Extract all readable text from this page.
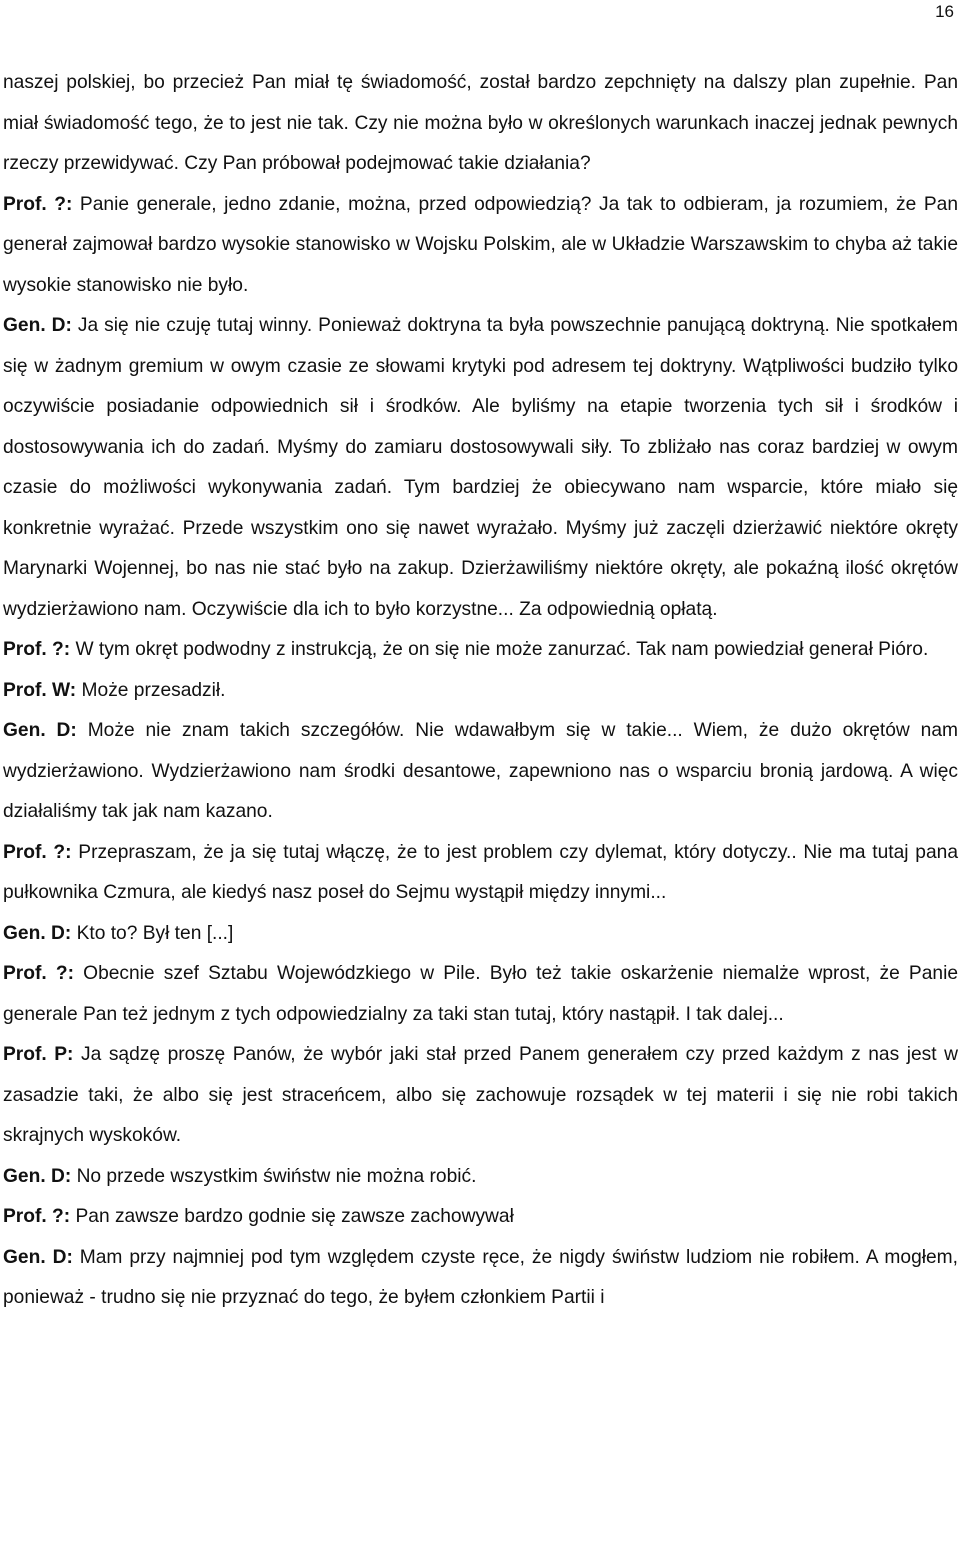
16

naszej polskiej, bo przecież Pan miał tę świadomość, został bardzo zepchnięty na dalszy plan zupełnie. Pan miał świadomość tego, że to jest nie tak. Czy nie można było w określonych warunkach inaczej jednak pewnych rzeczy przewidywać. Czy Pan próbował podejmować takie działania?

Prof. ?: Panie generale, jedno zdanie, można, przed odpowiedzią? Ja tak to odbieram, ja rozumiem, że Pan generał zajmował bardzo wysokie stanowisko w Wojsku Polskim, ale w Układzie Warszawskim to chyba aż takie wysokie stanowisko nie było.

Gen. D: Ja się nie czuję tutaj winny. Ponieważ doktryna ta była powszechnie panującą doktryną. Nie spotkałem się w żadnym gremium w owym czasie ze słowami krytyki pod adresem tej doktryny. Wątpliwości budziło tylko oczywiście posiadanie odpowiednich sił i środków. Ale byliśmy na etapie tworzenia tych sił i środków i dostosowywania ich do zadań. Myśmy do zamiaru dostosowywali siły. To zbliżało nas coraz bardziej w owym czasie do możliwości wykonywania zadań. Tym bardziej że obiecywano nam wsparcie, które miało się konkretnie wyrażać. Przede wszystkim ono się nawet wyrażało. Myśmy już zaczęli dzierżawić niektóre okręty Marynarki Wojennej, bo nas nie stać było na zakup. Dzierżawiliśmy niektóre okręty, ale pokaźną ilość okrętów wydzierżawiono nam. Oczywiście dla ich to było korzystne... Za odpowiednią opłatą.

Prof. ?: W tym okręt podwodny z instrukcją, że on się nie może zanurzać. Tak nam powiedział generał Pióro.

Prof. W: Może przesadził.

Gen. D: Może nie znam takich szczegółów. Nie wdawałbym się w takie... Wiem, że dużo okrętów nam wydzierżawiono. Wydzierżawiono nam środki desantowe, zapewniono nas o wsparciu bronią jardową. A więc działaliśmy tak jak nam kazano.

Prof. ?: Przepraszam, że ja się tutaj włączę, że to jest problem czy dylemat, który dotyczy.. Nie ma tutaj pana pułkownika Czmura, ale kiedyś nasz poseł do Sejmu wystąpił między innymi...

Gen. D: Kto to? Był ten [...]

Prof. ?: Obecnie szef Sztabu Wojewódzkiego w Pile. Było też takie oskarżenie niemalże wprost, że Panie generale Pan też jednym z tych odpowiedzialny za taki stan tutaj, który nastąpił. I tak dalej...

Prof. P: Ja sądzę proszę Panów, że wybór jaki stał przed Panem generałem czy przed każdym z nas jest w zasadzie taki, że albo się jest straceńcem, albo się zachowuje rozsądek w tej materii i się nie robi takich skrajnych wyskoków.

Gen. D: No przede wszystkim świństw nie można robić.

Prof. ?: Pan zawsze bardzo godnie się zawsze zachowywał

Gen. D: Mam przy najmniej pod tym względem czyste ręce, że nigdy świństw ludziom nie robiłem. A mogłem, ponieważ - trudno się nie przyznać do tego, że byłem członkiem Partii i
